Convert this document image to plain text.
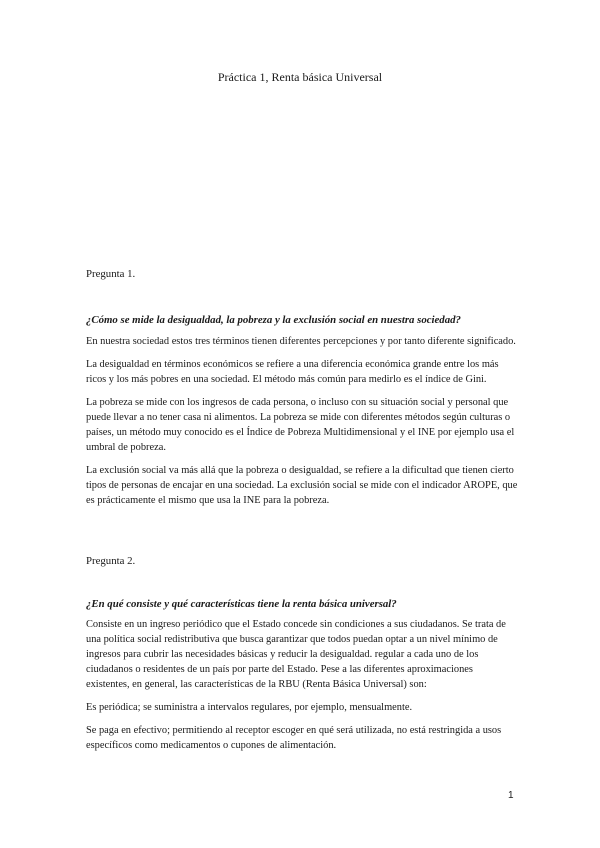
Práctica 1, Renta básica Universal
Pregunta 1.
¿Cómo se mide la desigualdad, la pobreza y la exclusión social en nuestra sociedad?

En nuestra sociedad estos tres términos tienen diferentes percepciones y por tanto diferente significado.

La desigualdad en términos económicos se refiere a una diferencia económica grande entre los más ricos y los más pobres en una sociedad. El método más común para medirlo es el índice de Gini.

La pobreza se mide con los ingresos de cada persona, o incluso con su situación social y personal que puede llevar a no tener casa ni alimentos. La pobreza se mide con diferentes métodos según culturas o países, un método muy conocido es el Índice de Pobreza Multidimensional y el INE por ejemplo usa el umbral de pobreza.

La exclusión social va más allá que la pobreza o desigualdad, se refiere a la dificultad que tienen cierto tipos de personas de encajar en una sociedad. La exclusión social se mide con el indicador AROPE, que es prácticamente el mismo que usa la INE para la pobreza.

Pregunta 2.
¿En qué consiste y qué características tiene la renta básica universal?

Consiste en un ingreso periódico que el Estado concede sin condiciones a sus ciudadanos. Se trata de una política social redistributiva que busca garantizar que todos puedan optar a un nivel mínimo de ingresos para cubrir las necesidades básicas y reducir la desigualdad. regular a cada uno de los ciudadanos o residentes de un país por parte del Estado. Pese a las diferentes aproximaciones existentes, en general, las características de la RBU (Renta Básica Universal) son:

Es periódica; se suministra a intervalos regulares, por ejemplo, mensualmente.

Se paga en efectivo; permitiendo al receptor escoger en qué será utilizada, no está restringida a usos específicos como medicamentos o cupones de alimentación.

1
